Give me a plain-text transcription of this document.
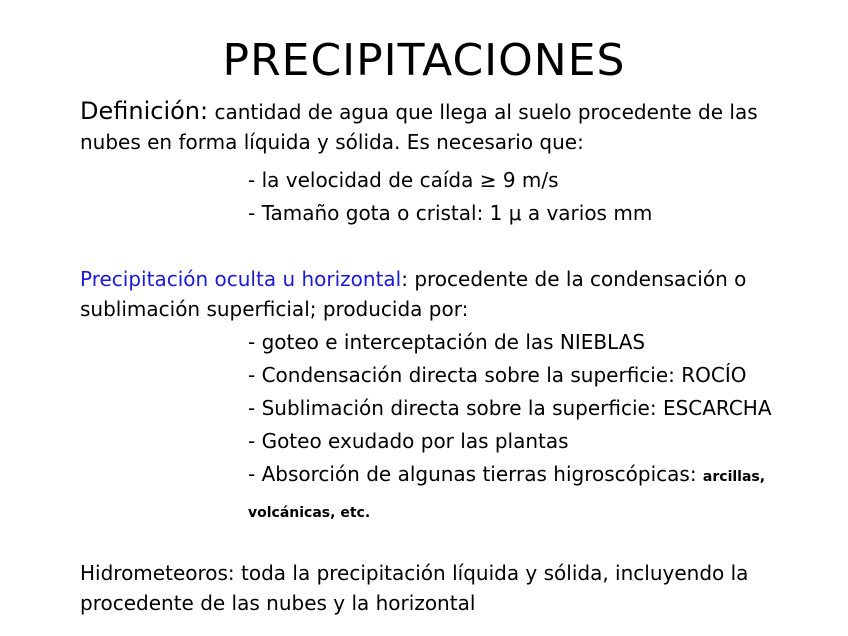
PRECIPITACIONES
Definición: cantidad de agua que llega al suelo procedente de las nubes en forma líquida y sólida. Es necesario que:
- la velocidad de caída ≥ 9 m/s
- Tamaño gota o cristal: 1 μ a varios mm
Precipitación oculta u horizontal: procedente de la condensación o sublimación superficial; producida por:
- goteo e interceptación de las NIEBLAS
- Condensación directa sobre la superficie: ROCÍO
- Sublimación directa sobre la superficie: ESCARCHA
- Goteo exudado por las plantas
- Absorción de algunas tierras higroscópicas: arcillas, volcánicas, etc.
Hidrometeoros: toda la precipitación líquida y sólida, incluyendo la procedente de las nubes y la horizontal
